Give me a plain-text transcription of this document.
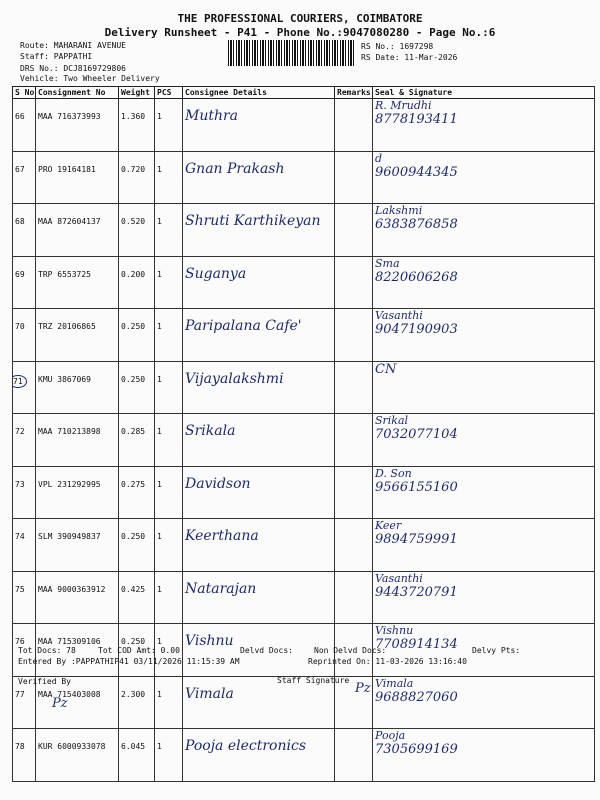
THE PROFESSIONAL COURIERS, COIMBATORE
Delivery Runsheet - P41 - Phone No.:9047080280 - Page No.:6
Route: MAHARANI AVENUE
Staff: PAPPATHI
DRS No.: DCJ8169729806
Vehicle: Two Wheeler Delivery
RS No.: 1697298
RS Date: 11-Mar-2026
S No	Consignment No	Weight	PCS	Consignee Details	Remarks	Seal & Signature
66	MAA 716373993	1.360	1	Muthra		R. Mrudhi
8778193411

67	PRO 19164181	0.720	1	Gnan Prakash		d
9600944345

68	MAA 872604137	0.520	1	Shruti Karthikeyan		Lakshmi
6383876858

69	TRP 6553725	0.200	1	Suganya		Sma
8220606268

70	TRZ 20106865	0.250	1	Paripalana Cafe'		Vasanthi
9047190903

71	KMU 3867069	0.250	1	Vijayalakshmi		CN

72	MAA 710213898	0.285	1	Srikala		Srikal
7032077104

73	VPL 231292995	0.275	1	Davidson		D. Son
9566155160

74	SLM 390949837	0.250	1	Keerthana		Keer
9894759991

75	MAA 9000363912	0.425	1	Natarajan		Vasanthi
9443720791

76	MAA 715309106	0.250	1	Vishnu		Vishnu
7708914134

77	MAA 715403008	2.300	1	Vimala		Vimala
9688827060

78	KUR 6000933078	6.045	1	Pooja electronics		Pooja
7305699169
Tot Docs: 78	Tot COD Amt: 0.00	Delvd Docs:	Non Delvd Docs:	Delvy Pts:
Entered By :PAPPATHIP41 03/11/2026 11:15:39 AM	Reprinted On: 11-03-2026 13:16:40
Verified By	Staff Signature
Pz
Pz
